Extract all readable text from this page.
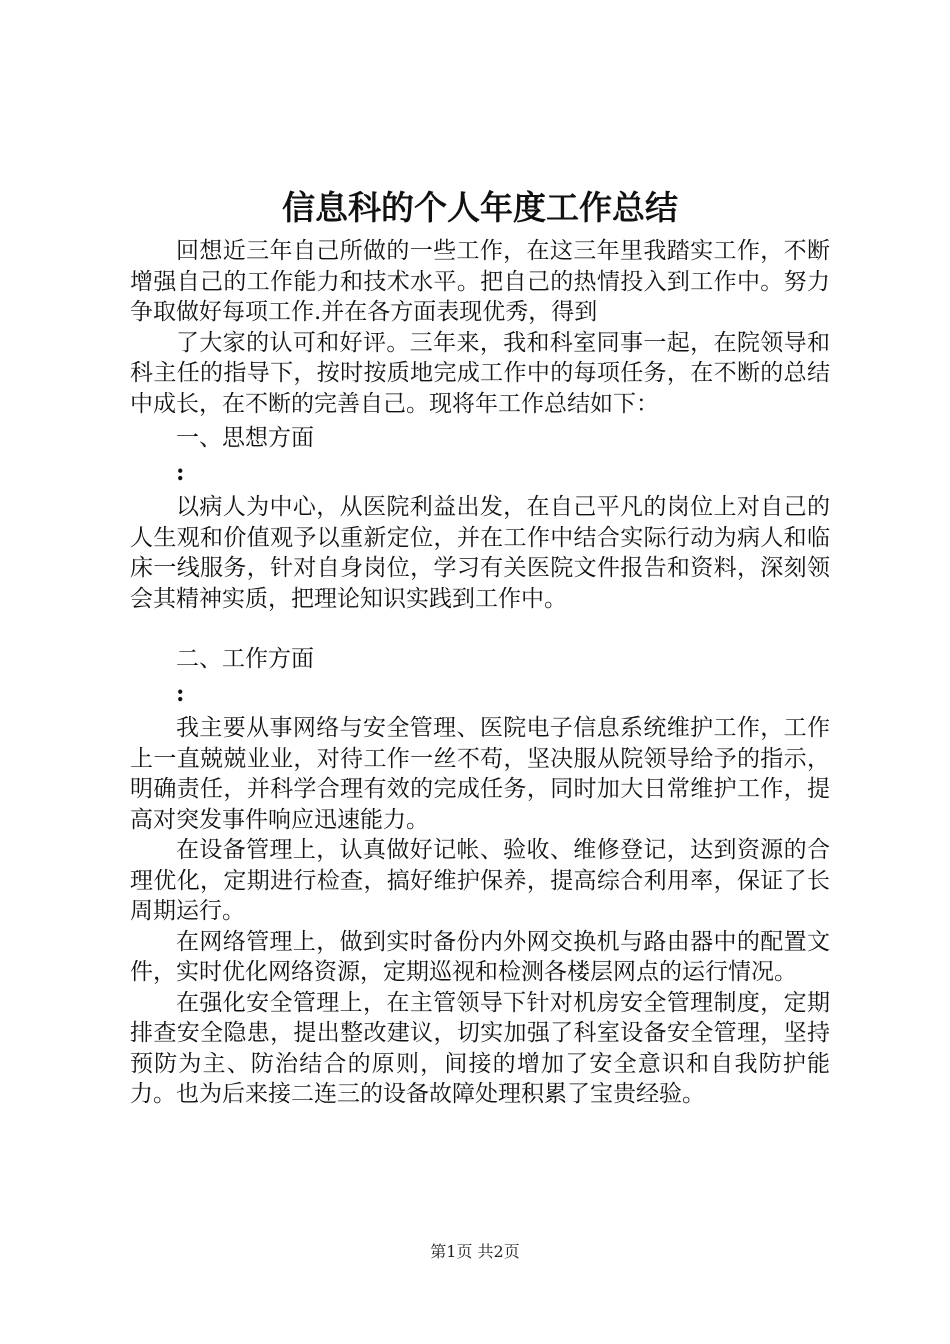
信息科的个人年度工作总结

回想近三年自己所做的一些工作，在这三年里我踏实工作，不断增强自己的工作能力和技术水平。把自己的热情投入到工作中。努力争取做好每项工作.并在各方面表现优秀，得到

了大家的认可和好评。三年来，我和科室同事一起，在院领导和科主任的指导下，按时按质地完成工作中的每项任务，在不断的总结中成长，在不断的完善自己。现将年工作总结如下：

一、思想方面

:

以病人为中心，从医院利益出发，在自己平凡的岗位上对自己的人生观和价值观予以重新定位，并在工作中结合实际行动为病人和临床一线服务，针对自身岗位，学习有关医院文件报告和资料，深刻领会其精神实质，把理论知识实践到工作中。

二、工作方面

:

我主要从事网络与安全管理、医院电子信息系统维护工作，工作上一直兢兢业业，对待工作一丝不苟，坚决服从院领导给予的指示，明确责任，并科学合理有效的完成任务，同时加大日常维护工作，提高对突发事件响应迅速能力。

在设备管理上，认真做好记帐、验收、维修登记，达到资源的合理优化，定期进行检查，搞好维护保养，提高综合利用率，保证了长周期运行。

在网络管理上，做到实时备份内外网交换机与路由器中的配置文件，实时优化网络资源，定期巡视和检测各楼层网点的运行情况。

在强化安全管理上，在主管领导下针对机房安全管理制度，定期排查安全隐患，提出整改建议，切实加强了科室设备安全管理，坚持预防为主、防治结合的原则，间接的增加了安全意识和自我防护能力。也为后来接二连三的设备故障处理积累了宝贵经验。

第1页 共2页
